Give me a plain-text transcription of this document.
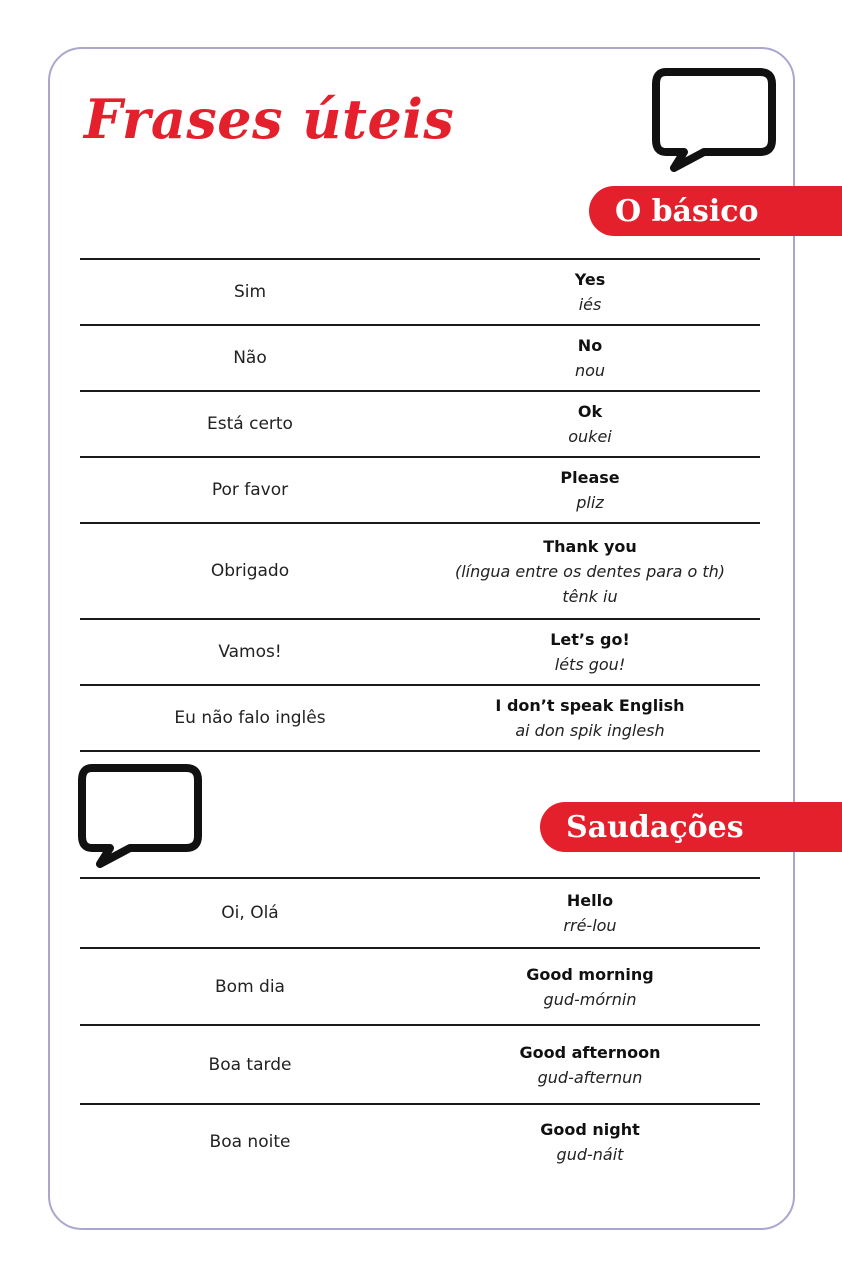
Frases úteis
O básico
Sim
Yes
iés
Não
No
nou
Está certo
Ok
oukei
Por favor
Please
pliz
Obrigado
Thank you
(língua entre os dentes para o th)
tênk iu
Vamos!
Let’s go!
léts gou!
Eu não falo inglês
I don’t speak English
ai don spik inglesh
Saudações
Oi, Olá
Hello
rré-lou
Bom dia
Good morning
gud-mórnin
Boa tarde
Good afternoon
gud-afternun
Boa noite
Good night
gud-náit
